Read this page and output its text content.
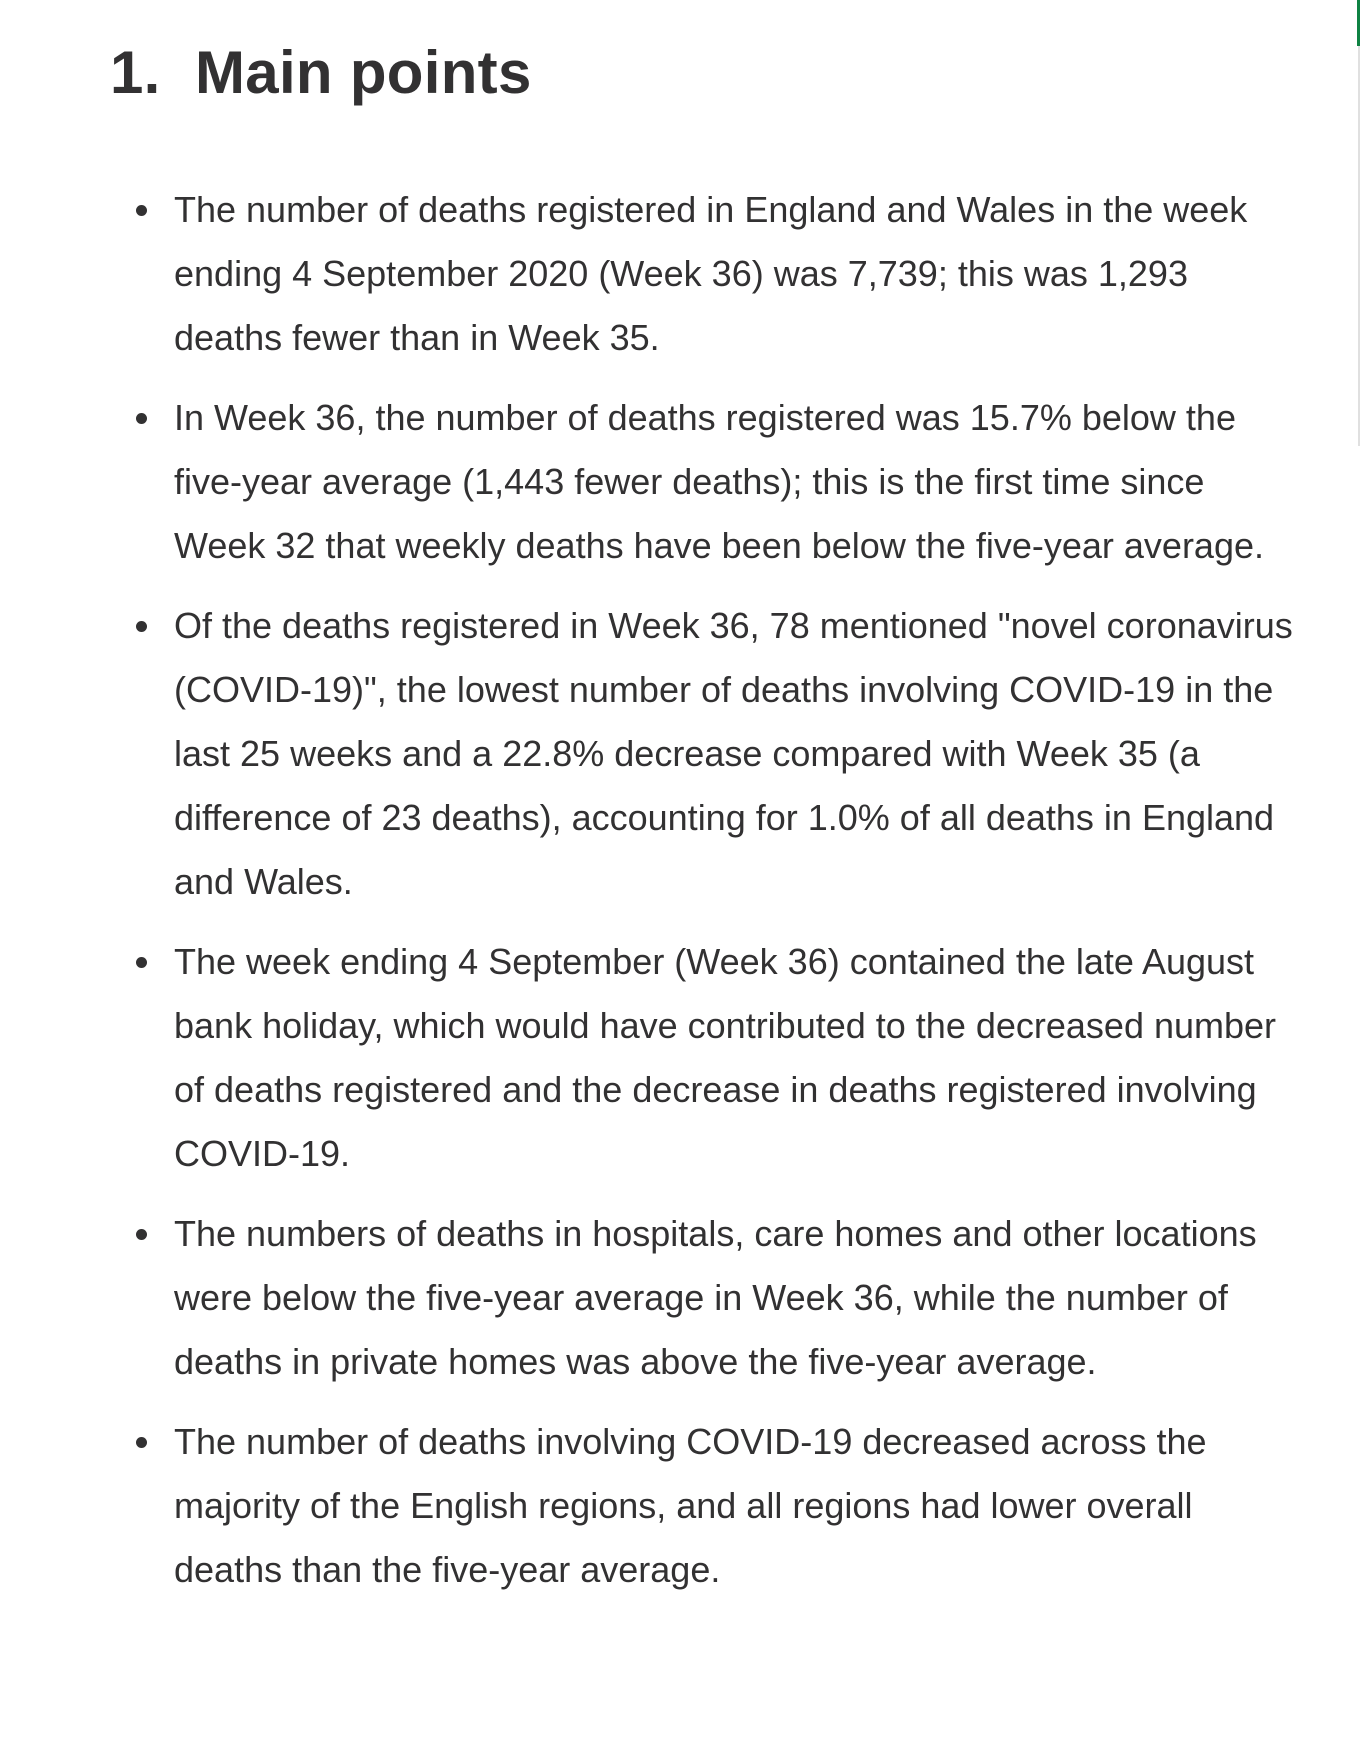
1. Main points
The number of deaths registered in England and Wales in the week ending 4 September 2020 (Week 36) was 7,739; this was 1,293 deaths fewer than in Week 35.
In Week 36, the number of deaths registered was 15.7% below the five-year average (1,443 fewer deaths); this is the first time since Week 32 that weekly deaths have been below the five-year average.
Of the deaths registered in Week 36, 78 mentioned "novel coronavirus (COVID-19)", the lowest number of deaths involving COVID-19 in the last 25 weeks and a 22.8% decrease compared with Week 35 (a difference of 23 deaths), accounting for 1.0% of all deaths in England and Wales.
The week ending 4 September (Week 36) contained the late August bank holiday, which would have contributed to the decreased number of deaths registered and the decrease in deaths registered involving COVID-19.
The numbers of deaths in hospitals, care homes and other locations were below the five-year average in Week 36, while the number of deaths in private homes was above the five-year average.
The number of deaths involving COVID-19 decreased across the majority of the English regions, and all regions had lower overall deaths than the five-year average.
